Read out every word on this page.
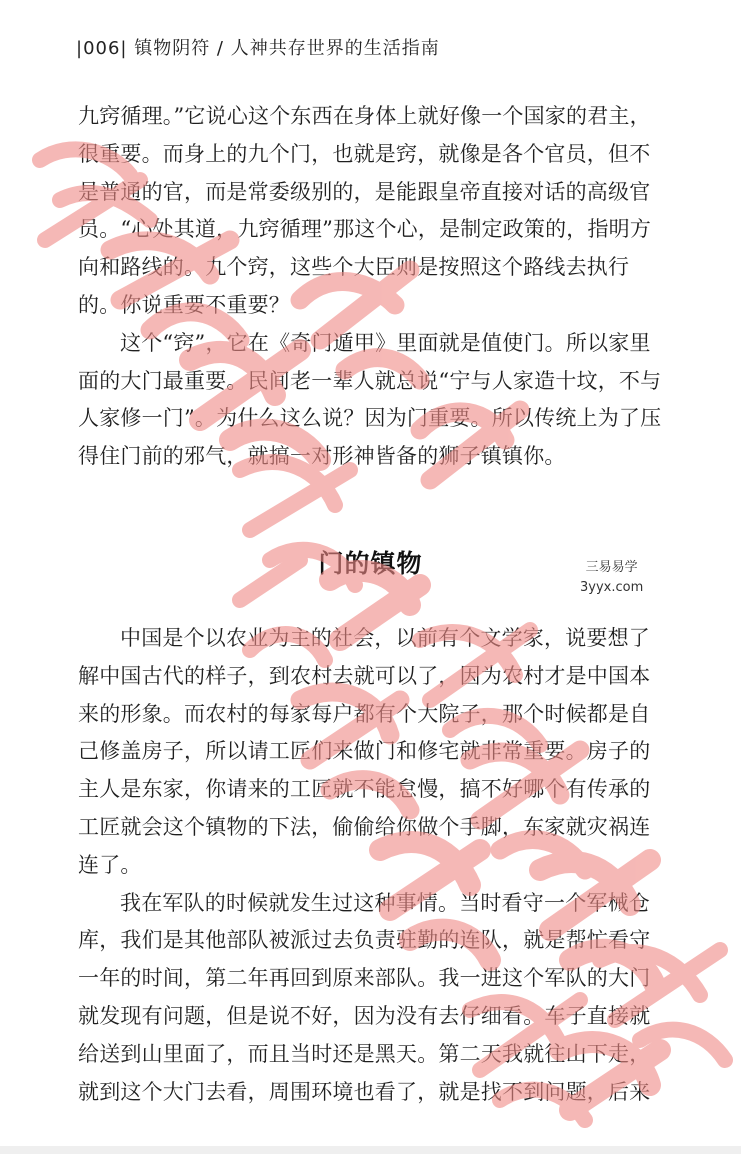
|006| 镇物阴符 / 人神共存世界的生活指南

九窍循理。”它说心这个东西在身体上就好像一个国家的君主，很重要。而身上的九个门，也就是窍，就像是各个官员，但不是普通的官，而是常委级别的，是能跟皇帝直接对话的高级官员。“心处其道，九窍循理”那这个心，是制定政策的，指明方向和路线的。九个窍，这些个大臣则是按照这个路线去执行的。你说重要不重要？

这个“窍”，它在《奇门遁甲》里面就是值使门。所以家里面的大门最重要。民间老一辈人就总说“宁与人家造十坟，不与人家修一门”。为什么这么说？因为门重要。所以传统上为了压得住门前的邪气，就搞一对形神皆备的狮子镇镇你。

门的镇物	三易易学
3yyx.com

中国是个以农业为主的社会，以前有个文学家，说要想了解中国古代的样子，到农村去就可以了，因为农村才是中国本来的形象。而农村的每家每户都有个大院子，那个时候都是自己修盖房子，所以请工匠们来做门和修宅就非常重要。房子的主人是东家，你请来的工匠就不能怠慢，搞不好哪个有传承的工匠就会这个镇物的下法，偷偷给你做个手脚，东家就灾祸连连了。

我在军队的时候就发生过这种事情。当时看守一个军械仓库，我们是其他部队被派过去负责驻勤的连队，就是帮忙看守一年的时间，第二年再回到原来部队。我一进这个军队的大门就发现有问题，但是说不好，因为没有去仔细看。车子直接就给送到山里面了，而且当时还是黑天。第二天我就往山下走，就到这个大门去看，周围环境也看了，就是找不到问题，后来
